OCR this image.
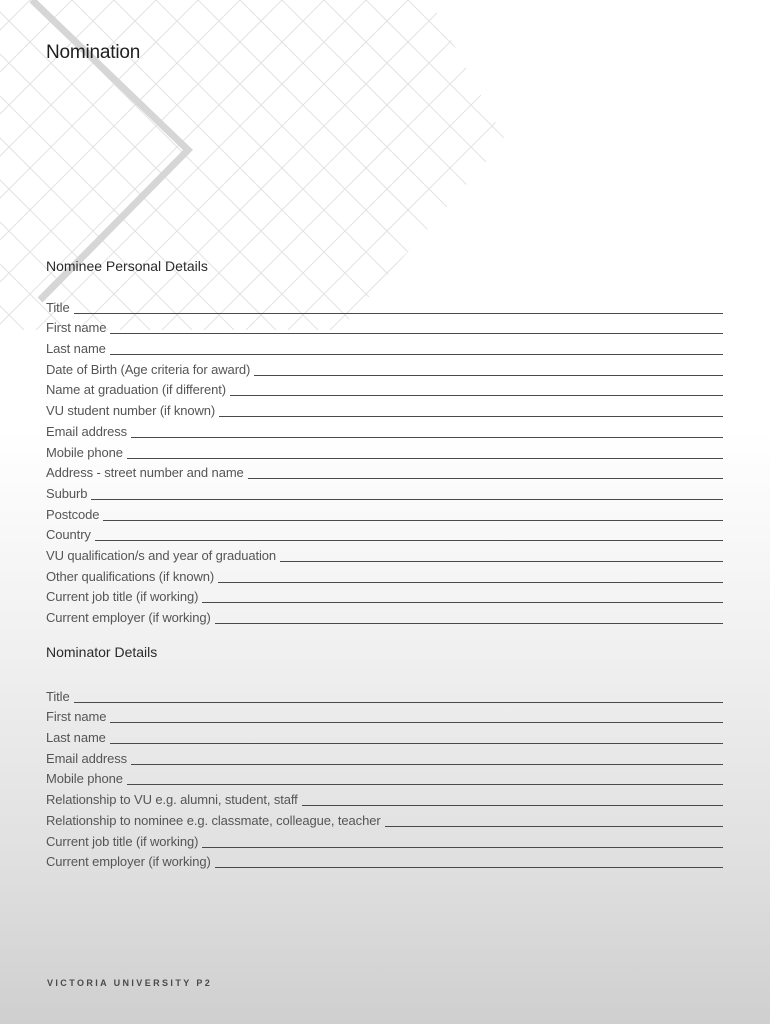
Nomination
Nominee Personal Details
Title
First name
Last name
Date of Birth (Age criteria for award)
Name at graduation (if different)
VU student number (if known)
Email address
Mobile phone
Address - street number and name
Suburb
Postcode
Country
VU qualification/s and year of graduation
Other qualifications (if known)
Current job title (if working)
Current employer (if working)
Nominator Details
Title
First name
Last name
Email address
Mobile phone
Relationship to VU e.g. alumni, student, staff
Relationship to nominee e.g. classmate, colleague, teacher
Current job title (if working)
Current employer (if working)

VICTORIA UNIVERSITY P2
